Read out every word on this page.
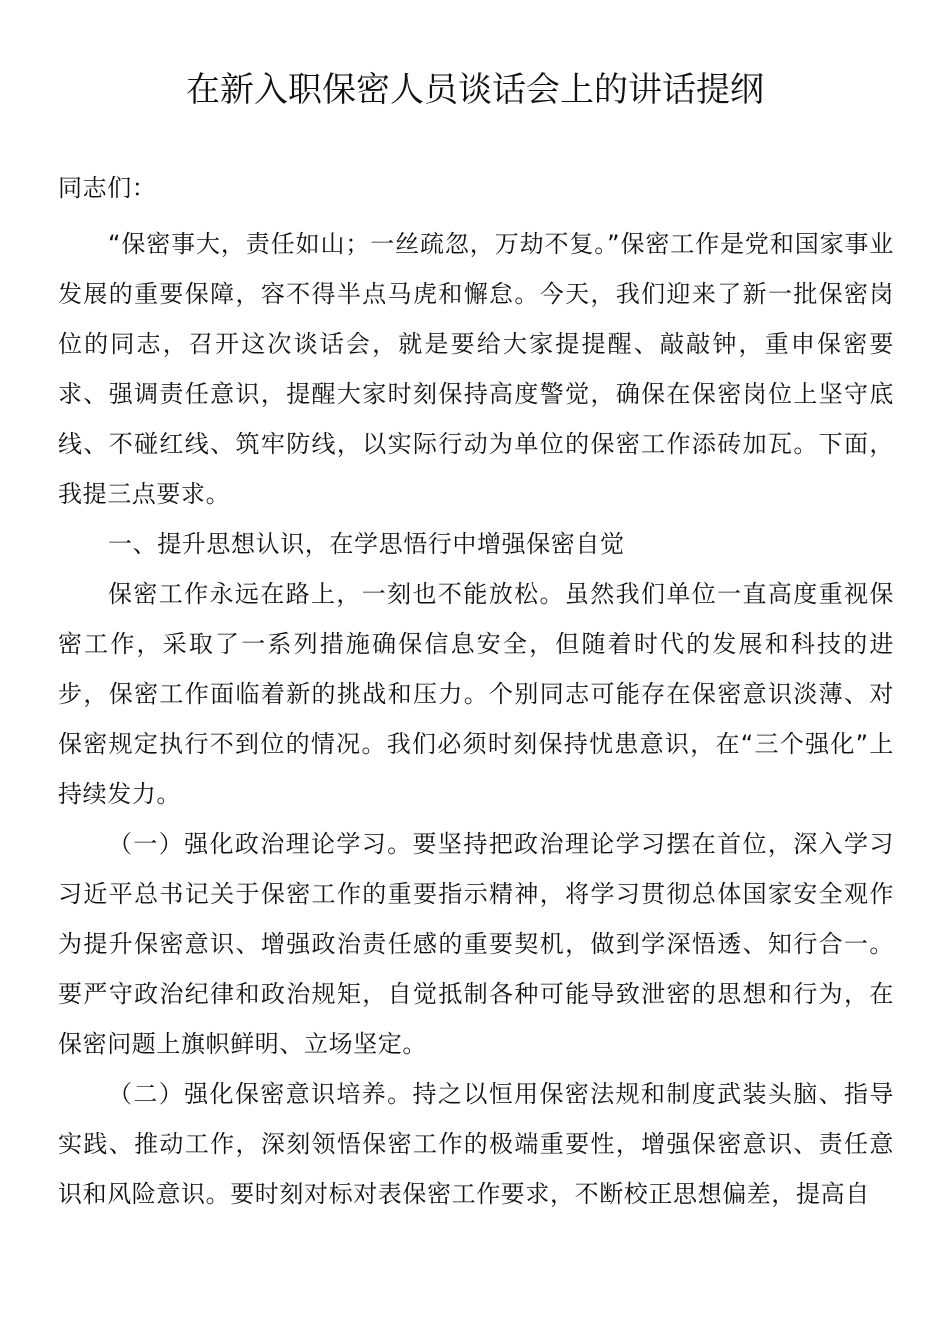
在新入职保密人员谈话会上的讲话提纲

同志们：

“保密事大，责任如山；一丝疏忽，万劫不复。”保密工作是党和国家事业发展的重要保障，容不得半点马虎和懈怠。今天，我们迎来了新一批保密岗位的同志，召开这次谈话会，就是要给大家提提醒、敲敲钟，重申保密要求、强调责任意识，提醒大家时刻保持高度警觉，确保在保密岗位上坚守底线、不碰红线、筑牢防线，以实际行动为单位的保密工作添砖加瓦。下面，我提三点要求。

一、提升思想认识，在学思悟行中增强保密自觉

保密工作永远在路上，一刻也不能放松。虽然我们单位一直高度重视保密工作，采取了一系列措施确保信息安全，但随着时代的发展和科技的进步，保密工作面临着新的挑战和压力。个别同志可能存在保密意识淡薄、对保密规定执行不到位的情况。我们必须时刻保持忧患意识，在“三个强化”上持续发力。

（一）强化政治理论学习。要坚持把政治理论学习摆在首位，深入学习习近平总书记关于保密工作的重要指示精神，将学习贯彻总体国家安全观作为提升保密意识、增强政治责任感的重要契机，做到学深悟透、知行合一。要严守政治纪律和政治规矩，自觉抵制各种可能导致泄密的思想和行为，在保密问题上旗帜鲜明、立场坚定。

（二）强化保密意识培养。持之以恒用保密法规和制度武装头脑、指导实践、推动工作，深刻领悟保密工作的极端重要性，增强保密意识、责任意识和风险意识。要时刻对标对表保密工作要求，不断校正思想偏差，提高自
